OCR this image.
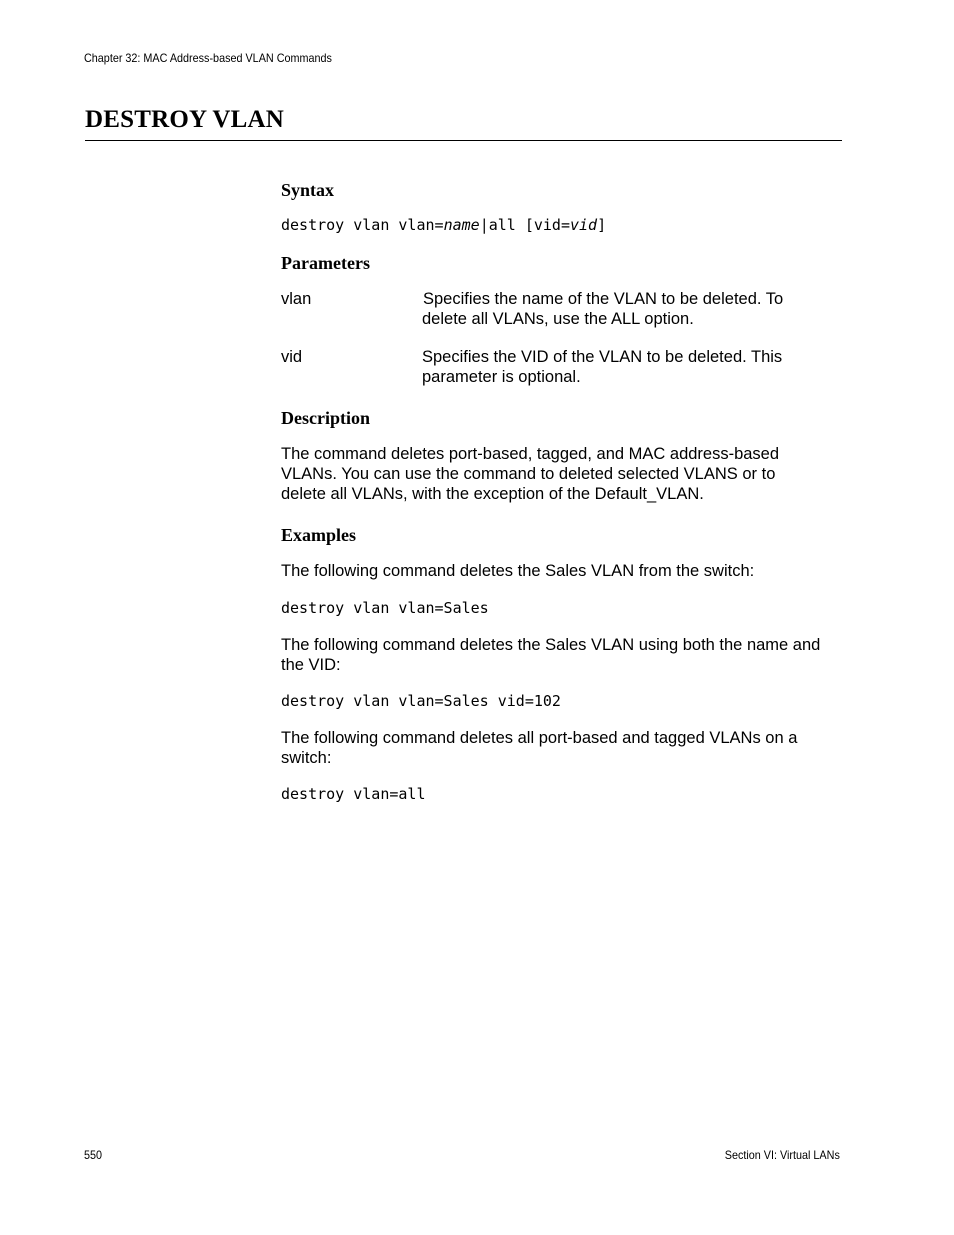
Chapter 32: MAC Address-based VLAN Commands
DESTROY VLAN
Syntax

destroy vlan vlan=name|all [vid=vid]

Parameters
vlan	Specifies the name of the VLAN to be deleted. To
delete all VLANs, use the ALL option.
vid	Specifies the VID of the VLAN to be deleted. This
parameter is optional.
Description

The command deletes port-based, tagged, and MAC address-based

VLANs. You can use the command to deleted selected VLANS or to

delete all VLANs, with the exception of the Default_VLAN.

Examples

The following command deletes the Sales VLAN from the switch:

destroy vlan vlan=Sales

The following command deletes the Sales VLAN using both the name and

the VID:

destroy vlan vlan=Sales vid=102

The following command deletes all port-based and tagged VLANs on a

switch:

destroy vlan=all

550	Section VI: Virtual LANs
